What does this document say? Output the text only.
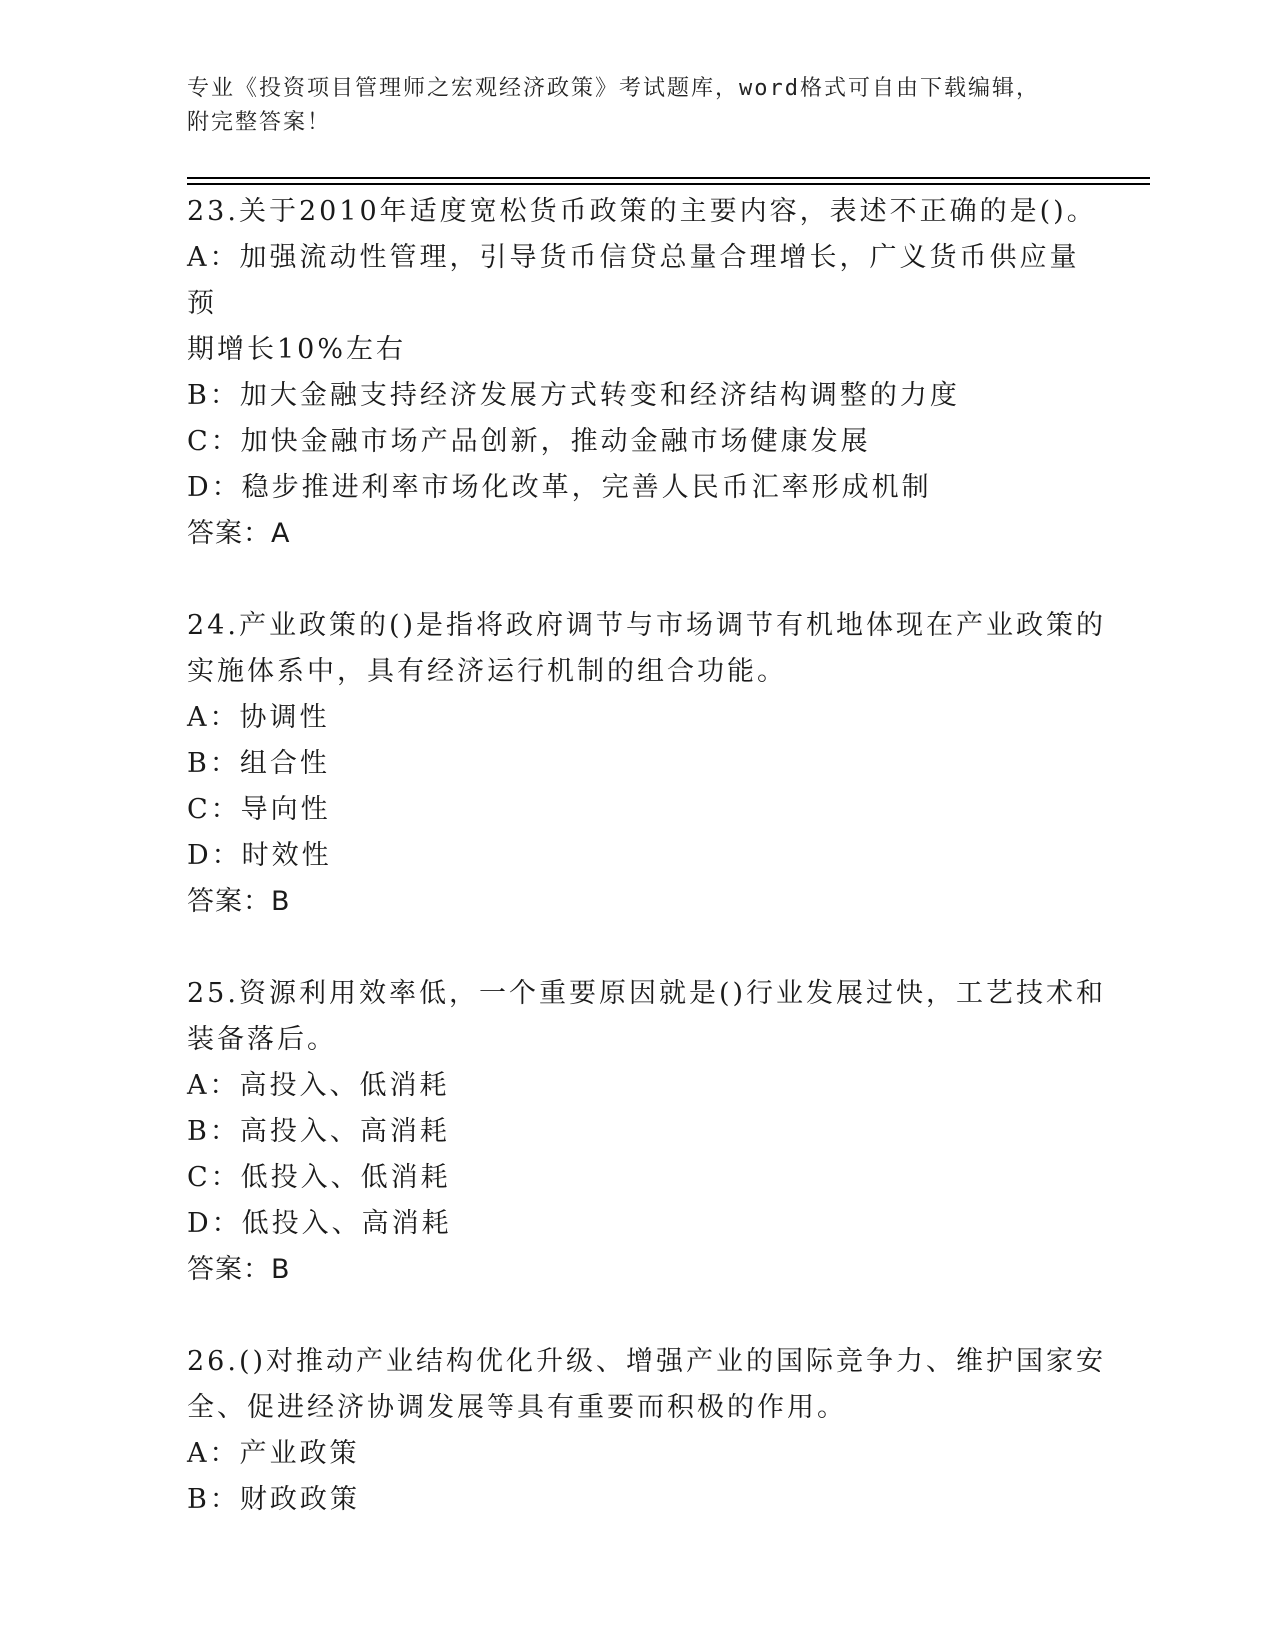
专业《投资项目管理师之宏观经济政策》考试题库，word格式可自由下载编辑，
附完整答案！
23.关于2010年适度宽松货币政策的主要内容，表述不正确的是()。
A：加强流动性管理，引导货币信贷总量合理增长，广义货币供应量预
期增长10%左右
B：加大金融支持经济发展方式转变和经济结构调整的力度
C：加快金融市场产品创新，推动金融市场健康发展
D：稳步推进利率市场化改革，完善人民币汇率形成机制
答案：A
24.产业政策的()是指将政府调节与市场调节有机地体现在产业政策的
实施体系中，具有经济运行机制的组合功能。
A：协调性
B：组合性
C：导向性
D：时效性
答案：B
25.资源利用效率低，一个重要原因就是()行业发展过快，工艺技术和
装备落后。
A：高投入、低消耗
B：高投入、高消耗
C：低投入、低消耗
D：低投入、高消耗
答案：B
26.()对推动产业结构优化升级、增强产业的国际竞争力、维护国家安
全、促进经济协调发展等具有重要而积极的作用。
A：产业政策
B：财政政策
